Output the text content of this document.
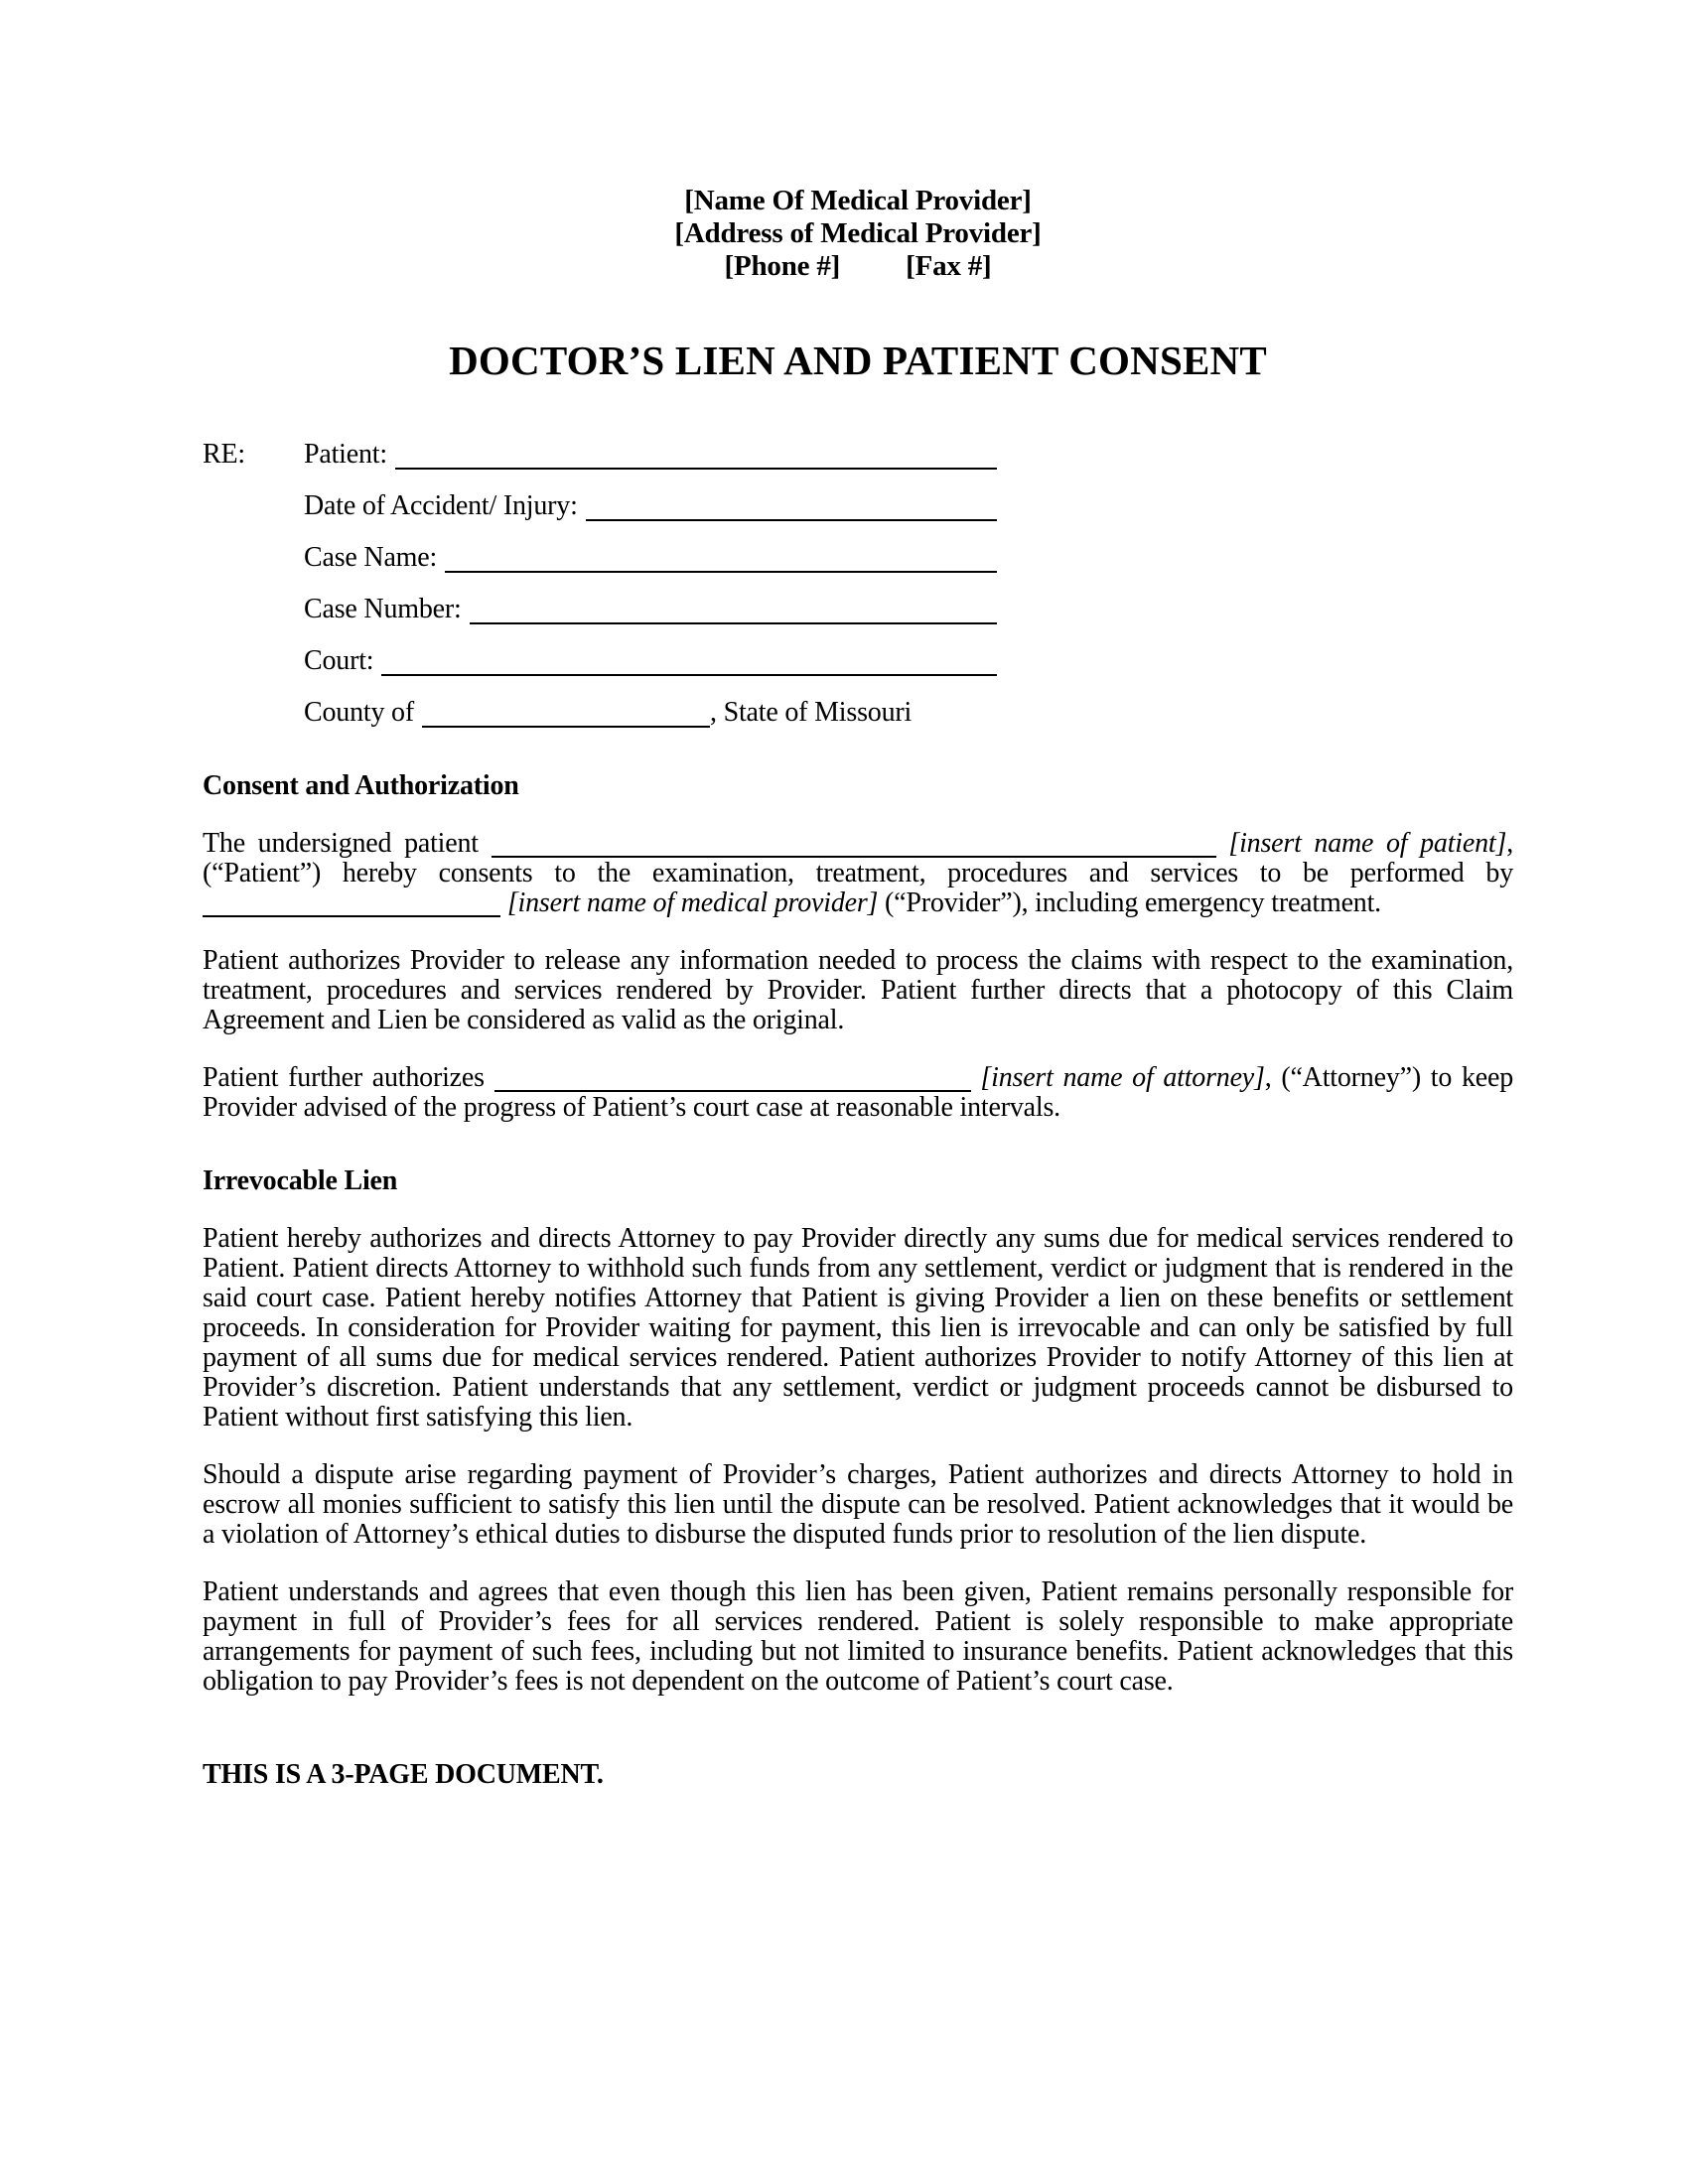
[Name Of Medical Provider]
[Address of Medical Provider]
[Phone #] [Fax #]
DOCTOR’S LIEN AND PATIENT CONSENT
RE:	Patient:
Date of Accident/ Injury:
Case Name:
Case Number:
Court:
County of	, State of Missouri
Consent and Authorization

The undersigned patient	[insert name of patient], (“Patient”) hereby consents to the examination, treatment, procedures and services to be performed by  [insert name of medical provider] (“Provider”), including emergency treatment.

Patient authorizes Provider to release any information needed to process the claims with respect to the examination, treatment, procedures and services rendered by Provider. Patient further directs that a photocopy of this Claim Agreement and Lien be considered as valid as the original.

Patient further authorizes	[insert name of attorney], (“Attorney”) to keep Provider advised of the progress of Patient’s court case at reasonable intervals.

Irrevocable Lien

Patient hereby authorizes and directs Attorney to pay Provider directly any sums due for medical services rendered to Patient. Patient directs Attorney to withhold such funds from any settlement, verdict or judgment that is rendered in the said court case. Patient hereby notifies Attorney that Patient is giving Provider a lien on these benefits or settlement proceeds. In consideration for Provider waiting for payment, this lien is irrevocable and can only be satisfied by full payment of all sums due for medical services rendered. Patient authorizes Provider to notify Attorney of this lien at Provider’s discretion. Patient understands that any settlement, verdict or judgment proceeds cannot be disbursed to Patient without first satisfying this lien.

Should a dispute arise regarding payment of Provider’s charges, Patient authorizes and directs Attorney to hold in escrow all monies sufficient to satisfy this lien until the dispute can be resolved. Patient acknowledges that it would be a violation of Attorney’s ethical duties to disburse the disputed funds prior to resolution of the lien dispute.

Patient understands and agrees that even though this lien has been given, Patient remains personally responsible for payment in full of Provider’s fees for all services rendered. Patient is solely responsible to make appropriate arrangements for payment of such fees, including but not limited to insurance benefits. Patient acknowledges that this obligation to pay Provider’s fees is not dependent on the outcome of Patient’s court case.

THIS IS A 3-PAGE DOCUMENT.
